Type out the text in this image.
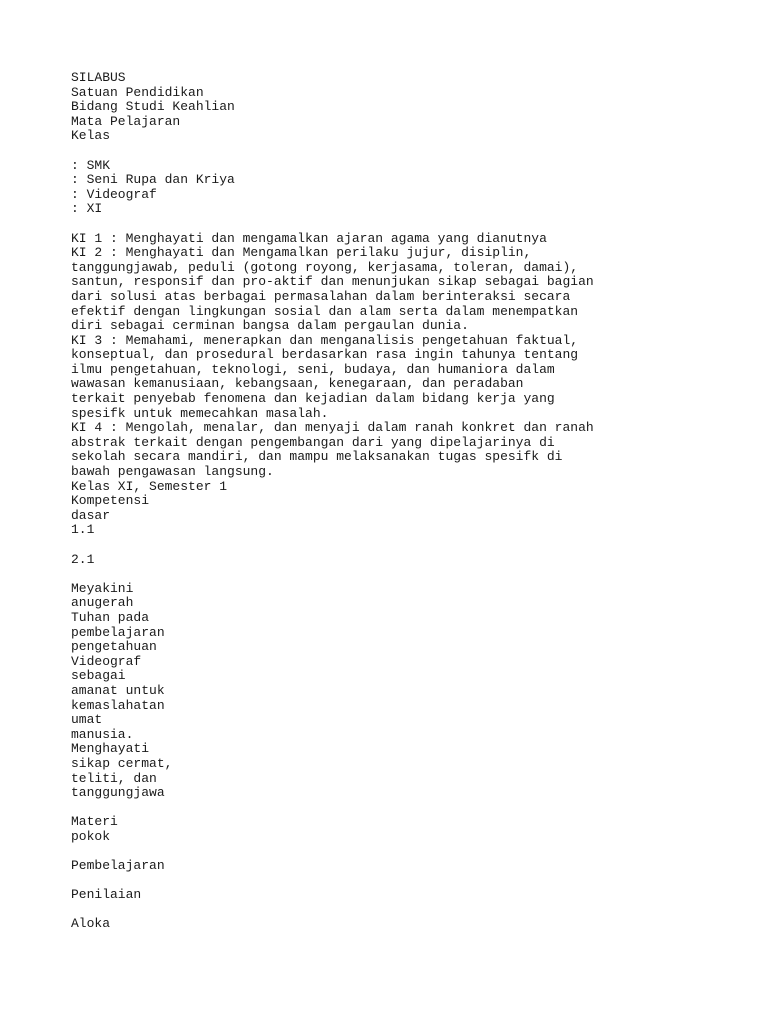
SILABUS
Satuan Pendidikan
Bidang Studi Keahlian
Mata Pelajaran
Kelas
: SMK
: Seni Rupa dan Kriya
: Videograf
: XI
KI 1 : Menghayati dan mengamalkan ajaran agama yang dianutnya
KI 2 : Menghayati dan Mengamalkan perilaku jujur, disiplin,
tanggungjawab, peduli (gotong royong, kerjasama, toleran, damai),
santun, responsif dan pro-aktif dan menunjukan sikap sebagai bagian
dari solusi atas berbagai permasalahan dalam berinteraksi secara
efektif dengan lingkungan sosial dan alam serta dalam menempatkan
diri sebagai cerminan bangsa dalam pergaulan dunia.
KI 3 : Memahami, menerapkan dan menganalisis pengetahuan faktual,
konseptual, dan prosedural berdasarkan rasa ingin tahunya tentang
ilmu pengetahuan, teknologi, seni, budaya, dan humaniora dalam
wawasan kemanusiaan, kebangsaan, kenegaraan, dan peradaban
terkait penyebab fenomena dan kejadian dalam bidang kerja yang
spesifk untuk memecahkan masalah.
KI 4 : Mengolah, menalar, dan menyaji dalam ranah konkret dan ranah
abstrak terkait dengan pengembangan dari yang dipelajarinya di
sekolah secara mandiri, dan mampu melaksanakan tugas spesifk di
bawah pengawasan langsung.
Kelas XI, Semester 1
Kompetensi
dasar
1.1
2.1
Meyakini
anugerah
Tuhan pada
pembelajaran
pengetahuan
Videograf
sebagai
amanat untuk
kemaslahatan
umat
manusia.
Menghayati
sikap cermat,
teliti, dan
tanggungjawa
Materi
pokok
Pembelajaran
Penilaian
Aloka
